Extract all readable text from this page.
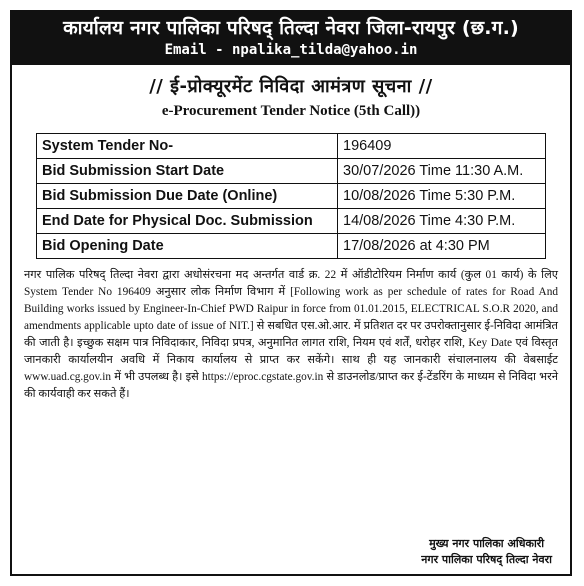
कार्यालय नगर पालिका परिषद् तिल्दा नेवरा जिला-रायपुर (छ.ग.)
Email - npalika_tilda@yahoo.in
// ई-प्रोक्यूरमेंट निविदा आमंत्रण सूचना //
e-Procurement Tender Notice (5th Call))
System Tender No-	196409
Bid Submission Start Date	30/07/2026 Time 11:30 A.M.
Bid Submission Due Date (Online)	10/08/2026 Time 5:30 P.M.
End Date for Physical Doc. Submission	14/08/2026 Time 4:30 P.M.
Bid Opening Date	17/08/2026 at 4:30 PM
नगर पालिक परिषद् तिल्दा नेवरा द्वारा अधोसंरचना मद अन्तर्गत वार्ड क्र. 22 में ऑडीटोरियम निर्माण कार्य (कुल 01 कार्य) के लिए System Tender No 196409 अनुसार लोक निर्माण विभाग में [Following work as per schedule of rates for Road And Building works issued by Engineer-In-Chief PWD Raipur in force from 01.01.2015, ELECTRICAL S.O.R 2020, and amendments applicable upto date of issue of NIT.] से सबधित एस.ओ.आर. में प्रतिशत दर पर उपरोक्तानुसार ई-निविदा आमंत्रित की जाती है। इच्छुक सक्षम पात्र निविदाकार, निविदा प्रपत्र, अनुमानित लागत राशि, नियम एवं शर्तें, धरोहर राशि, Key Date एवं विस्तृत जानकारी कार्यालयीन अवधि में निकाय कार्यालय से प्राप्त कर सकेंगे। साथ ही यह जानकारी संचालनालय की वेबसाईट www.uad.cg.gov.in में भी उपलब्ध है। इसे https://eproc.cgstate.gov.in से डाउनलोड/प्राप्त कर ई-टेंडरिंग के माध्यम से निविदा भरने की कार्यवाही कर सकते हैं।
मुख्य नगर पालिका अधिकारी
नगर पालिका परिषद् तिल्दा नेवरा
